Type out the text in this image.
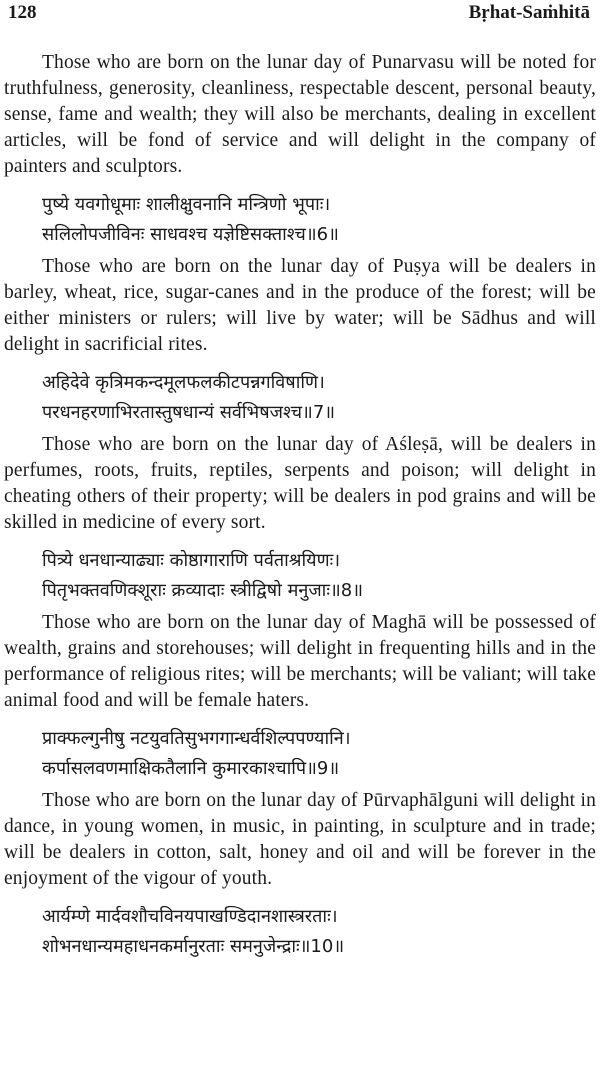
128	Bṛhat-Saṁhitā

Those who are born on the lunar day of Punarvasu will be noted for truthfulness, generosity, cleanliness, respectable descent, personal beauty, sense, fame and wealth; they will also be merchants, dealing in excellent articles, will be fond of service and will delight in the company of painters and sculptors.

पुष्ये यवगोधूमाः शालीक्षुवनानि मन्त्रिणो भूपाः।
सलिलोपजीविनः साधवश्च यज्ञेष्टिसक्ताश्च॥6॥

Those who are born on the lunar day of Puṣya will be dealers in barley, wheat, rice, sugar-canes and in the produce of the forest; will be either ministers or rulers; will live by water; will be Sādhus and will delight in sacrificial rites.

अहिदेवे कृत्रिमकन्दमूलफलकीटपन्नगविषाणि।
परधनहरणाभिरतास्तुषधान्यं सर्वभिषजश्च॥7॥

Those who are born on the lunar day of Aśleṣā, will be dealers in perfumes, roots, fruits, reptiles, serpents and poison; will delight in cheating others of their property; will be dealers in pod grains and will be skilled in medicine of every sort.

पित्र्ये धनधान्याढ्याः कोष्ठागाराणि पर्वताश्रयिणः।
पितृभक्तवणिक्शूराः क्रव्यादाः स्त्रीद्विषो मनुजाः॥8॥

Those who are born on the lunar day of Maghā will be possessed of wealth, grains and storehouses; will delight in frequenting hills and in the performance of religious rites; will be merchants; will be valiant; will take animal food and will be female haters.

प्राक्फल्गुनीषु नटयुवतिसुभगगान्धर्वशिल्पपण्यानि।
कर्पासलवणमाक्षिकतैलानि कुमारकाश्चापि॥9॥

Those who are born on the lunar day of Pūrvaphālguni will delight in dance, in young women, in music, in painting, in sculpture and in trade; will be dealers in cotton, salt, honey and oil and will be forever in the enjoyment of the vigour of youth.

आर्यम्णे मार्दवशौचविनयपाखण्डिदानशास्त्ररताः।
शोभनधान्यमहाधनकर्मानुरताः समनुजेन्द्राः॥10॥
